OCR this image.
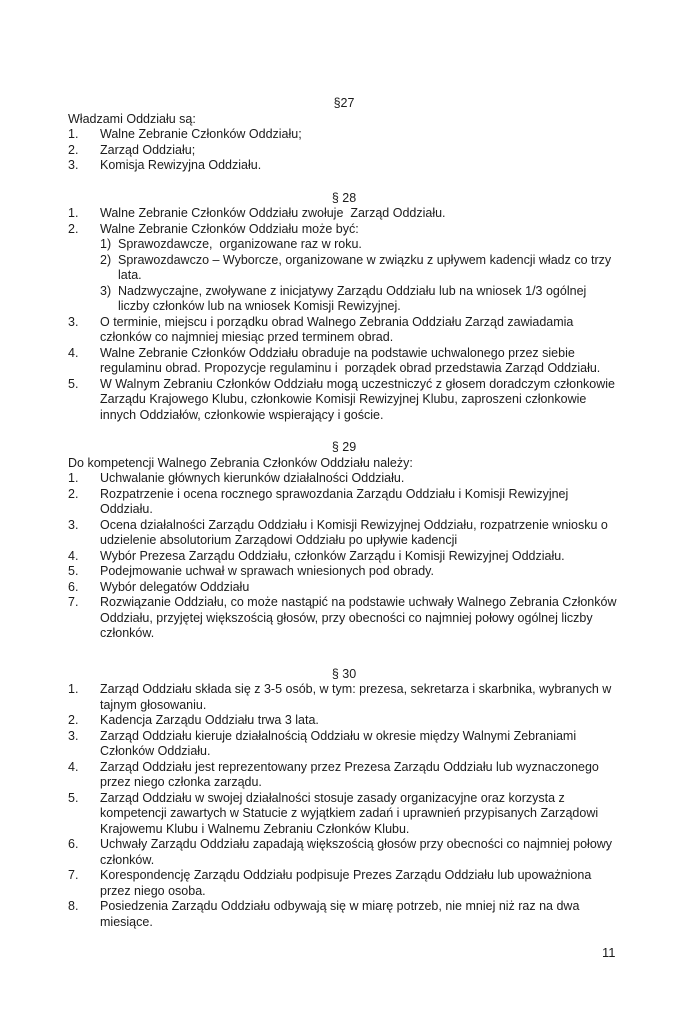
§27
Władzami Oddziału są:
1.	Walne Zebranie Członków Oddziału;
2.	Zarząd Oddziału;
3.	Komisja Rewizyjna Oddziału.
§ 28
1.	Walne Zebranie Członków Oddziału zwołuje  Zarząd Oddziału.
2.	Walne Zebranie Członków Oddziału może być:
1) Sprawozdawcze,  organizowane raz w roku.
2) Sprawozdawczo – Wyborcze, organizowane w związku z upływem kadencji władz co trzy lata.
3) Nadzwyczajne, zwoływane z inicjatywy Zarządu Oddziału lub na wniosek 1/3 ogólnej liczby członków lub na wniosek Komisji Rewizyjnej.
3.	O terminie, miejscu i porządku obrad Walnego Zebrania Oddziału Zarząd zawiadamia członków co najmniej miesiąc przed terminem obrad.
4.	Walne Zebranie Członków Oddziału obraduje na podstawie uchwalonego przez siebie regulaminu obrad. Propozycje regulaminu i  porządek obrad przedstawia Zarząd Oddziału.
5.	W Walnym Zebraniu Członków Oddziału mogą uczestniczyć z głosem doradczym członkowie Zarządu Krajowego Klubu, członkowie Komisji Rewizyjnej Klubu, zaproszeni członkowie innych Oddziałów, członkowie wspierający i goście.
§ 29
Do kompetencji Walnego Zebrania Członków Oddziału należy:
1.	Uchwalanie głównych kierunków działalności Oddziału.
2.	Rozpatrzenie i ocena rocznego sprawozdania Zarządu Oddziału i Komisji Rewizyjnej Oddziału.
3.	Ocena działalności Zarządu Oddziału i Komisji Rewizyjnej Oddziału, rozpatrzenie wniosku o udzielenie absolutorium Zarządowi Oddziału po upływie kadencji
4.	Wybór Prezesa Zarządu Oddziału, członków Zarządu i Komisji Rewizyjnej Oddziału.
5.	Podejmowanie uchwał w sprawach wniesionych pod obrady.
6.	Wybór delegatów Oddziału
7.	Rozwiązanie Oddziału, co może nastąpić na podstawie uchwały Walnego Zebrania Członków Oddziału, przyjętej większością głosów, przy obecności co najmniej połowy ogólnej liczby członków.
§ 30
1.	Zarząd Oddziału składa się z 3-5 osób, w tym: prezesa, sekretarza i skarbnika, wybranych w tajnym głosowaniu.
2.	Kadencja Zarządu Oddziału trwa 3 lata.
3.	Zarząd Oddziału kieruje działalnością Oddziału w okresie między Walnymi Zebraniami Członków Oddziału.
4.	Zarząd Oddziału jest reprezentowany przez Prezesa Zarządu Oddziału lub wyznaczonego przez niego członka zarządu.
5.	Zarząd Oddziału w swojej działalności stosuje zasady organizacyjne oraz korzysta z kompetencji zawartych w Statucie z wyjątkiem zadań i uprawnień przypisanych Zarządowi Krajowemu Klubu i Walnemu Zebraniu Członków Klubu.
6.	Uchwały Zarządu Oddziału zapadają większością głosów przy obecności co najmniej połowy członków.
7.	Korespondencję Zarządu Oddziału podpisuje Prezes Zarządu Oddziału lub upoważniona przez niego osoba.
8.	Posiedzenia Zarządu Oddziału odbywają się w miarę potrzeb, nie mniej niż raz na dwa miesiące.
11
